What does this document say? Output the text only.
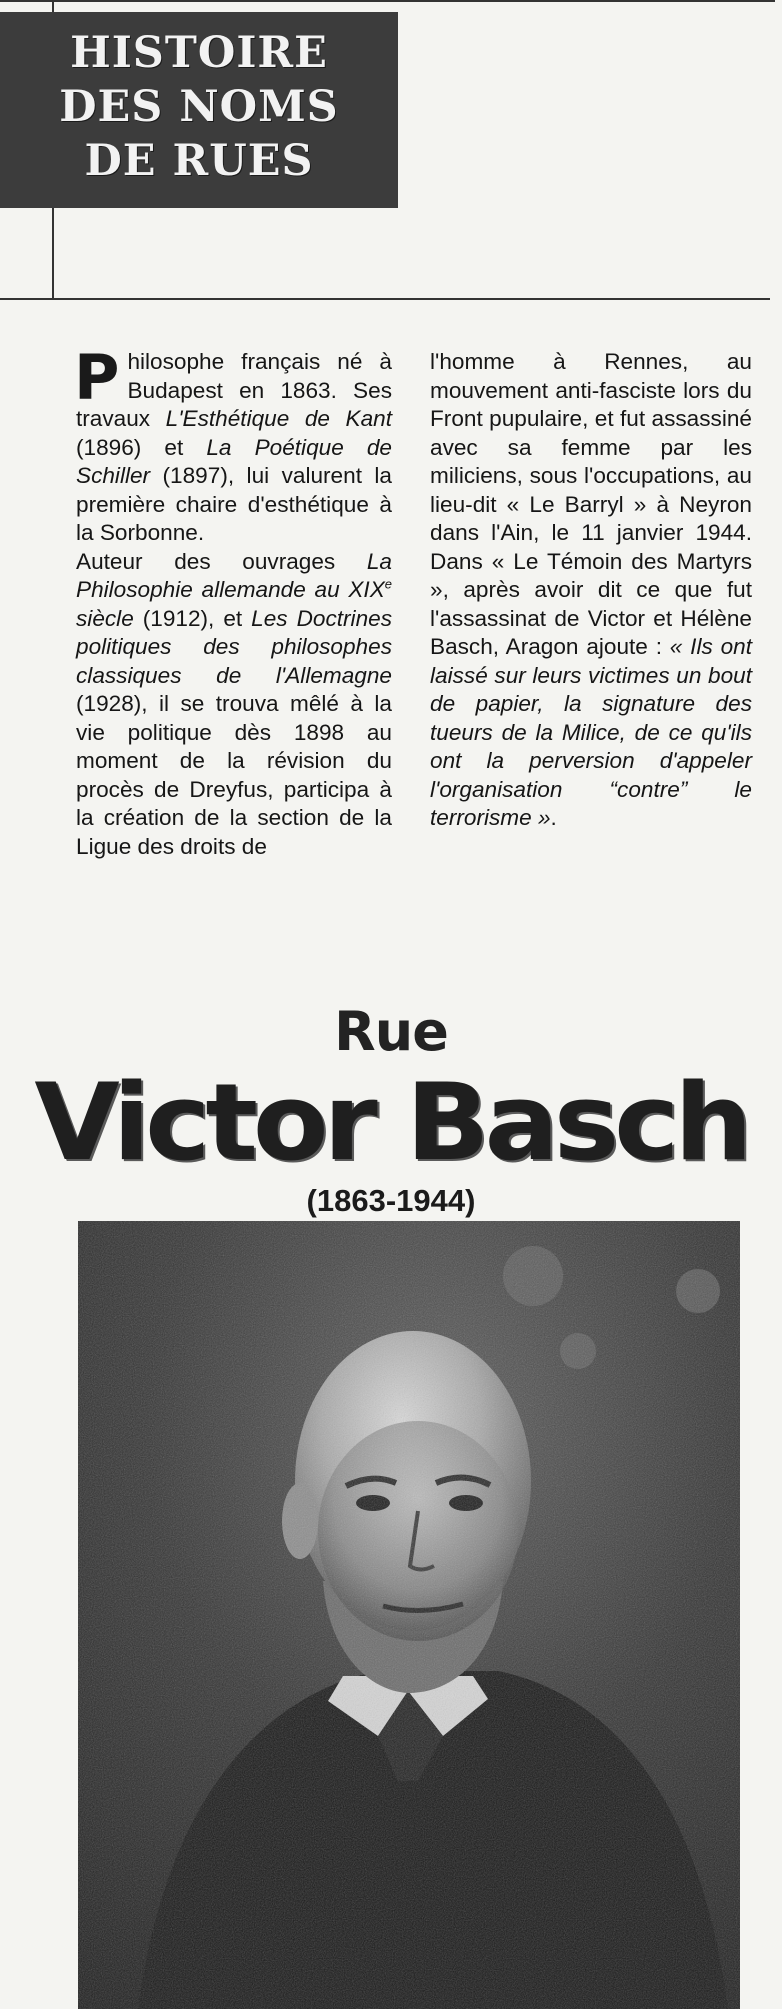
HISTOIRE
DES NOMS
DE RUES

Philosophe français né à Budapest en 1863. Ses travaux L'Esthétique de Kant (1896) et La Poétique de Schiller (1897), lui valurent la première chaire d'esthétique à la Sorbonne.

Auteur des ouvrages La Philosophie allemande au XIXe siècle (1912), et Les Doctrines politiques des philosophes classiques de l'Allemagne (1928), il se trouva mêlé à la vie politique dès 1898 au moment de la révision du procès de Dreyfus, participa à la création de la section de la Ligue des droits de

l'homme à Rennes, au mouvement anti-fasciste lors du Front pupulaire, et fut assassiné avec sa femme par les miliciens, sous l'occupations, au lieu-dit « Le Barryl » à Neyron dans l'Ain, le 11 janvier 1944. Dans « Le Témoin des Martyrs », après avoir dit ce que fut l'assassinat de Victor et Hélène Basch, Aragon ajoute : « Ils ont laissé sur leurs victimes un bout de papier, la signature des tueurs de la Milice, de ce qu'ils ont la perversion d'appeler l'organisation “contre” le terrorisme ».

Rue
Victor Basch
(1863-1944)
